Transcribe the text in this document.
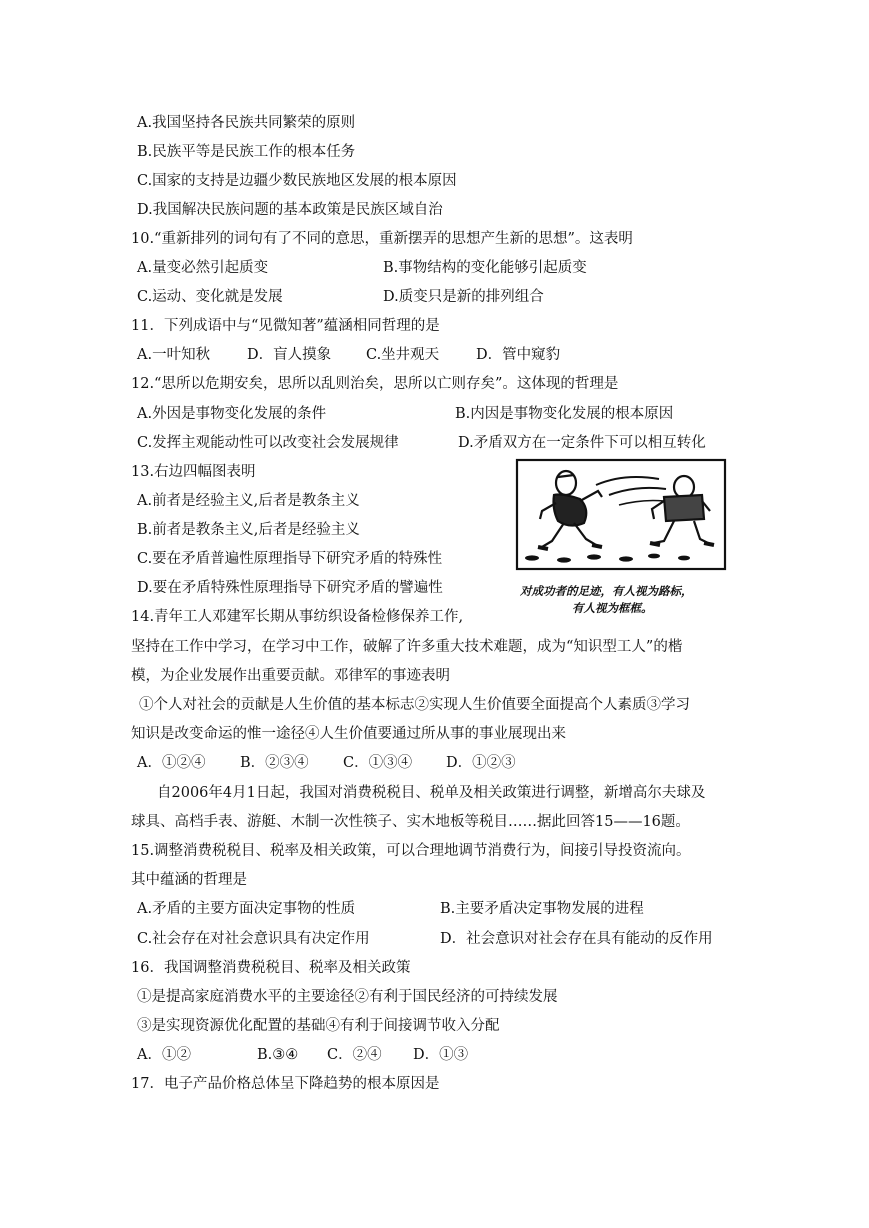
A.我国坚持各民族共同繁荣的原则
B.民族平等是民族工作的根本任务
C.国家的支持是边疆少数民族地区发展的根本原因
D.我国解决民族问题的基本政策是民族区域自治
10.“重新排列的词句有了不同的意思，重新摆弄的思想产生新的思想”。这表明
A.量变必然引起质变	B.事物结构的变化能够引起质变
C.运动、变化就是发展	D.质变只是新的排列组合
11．下列成语中与“见微知著”蕴涵相同哲理的是
A.一叶知秋	D．盲人摸象 C.坐井观天	D．管中窥豹
12.“思所以危期安矣，思所以乱则治矣，思所以亡则存矣”。这体现的哲理是
A.外因是事物变化发展的条件	B.内因是事物变化发展的根本原因
C.发挥主观能动性可以改变社会发展规律	D.矛盾双方在一定条件下可以相互转化
13.右边四幅图表明
A.前者是经验主义,后者是教条主义
B.前者是教条主义,后者是经验主义
C.要在矛盾普遍性原理指导下研究矛盾的特殊性
D.要在矛盾特殊性原理指导下研究矛盾的譬遍性	对成功者的足迹，有人视为路标，
有人视为框框。
14.青年工人邓建军长期从事纺织设备检修保养工作,
坚持在工作中学习，在学习中工作，破解了许多重大技术难题，成为“知识型工人”的楷
模，为企业发展作出重要贡献。邓律军的事迹表明
①个人对社会的贡献是人生价值的基本标志②实现人生价值要全面提高个人素质③学习
知识是改变命运的惟一途径④人生价值要通过所从事的事业展现出来
A．①②④ B．②③④ C．①③④ D．①②③
自2006年4月1日起，我国对消费税税目、税单及相关政策进行调整，新增高尔夫球及
球具、高档手表、游艇、木制一次性筷子、实木地板等税目……据此回答15——16题。
15.调整消费税税目、税率及相关政策，可以合理地调节消费行为，间接引导投资流向。
其中蕴涵的哲理是
A.矛盾的主要方面决定事物的性质	B.主要矛盾决定事物发展的进程
C.社会存在对社会意识具有决定作用	D．社会意识对社会存在具有能动的反作用
16．我国调整消费税税目、税率及相关政策
①是提高家庭消费水平的主要途径②有利于国民经济的可持续发展
③是实现资源优化配置的基础④有利于间接调节收入分配
A．①②	B.③④ C．②④ D．①③
17．电子产品价格总体呈下降趋势的根本原因是
